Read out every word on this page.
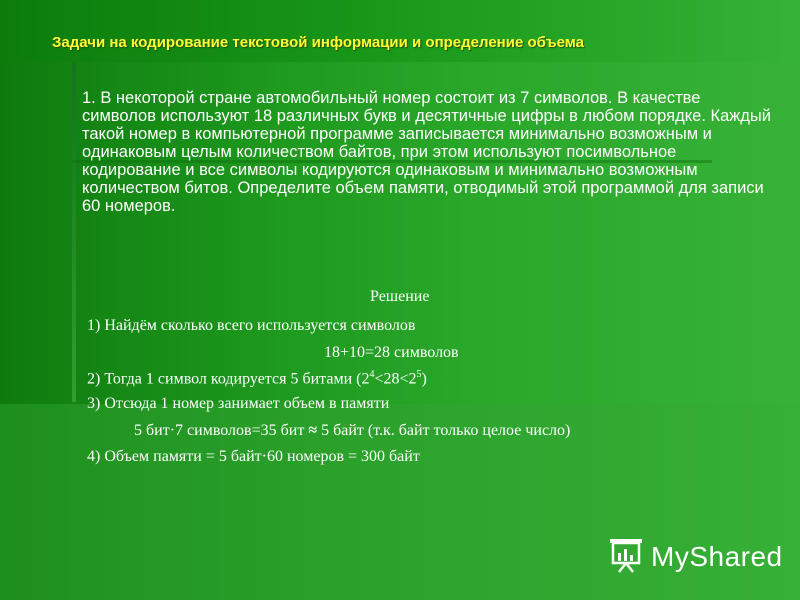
Задачи на кодирование текстовой информации и определение объема
1. В некоторой стране автомобильный номер состоит из 7 символов. В качестве символов используют 18 различных букв и десятичные цифры в любом порядке. Каждый такой номер в компьютерной программе записывается минимально возможным и одинаковым целым количеством байтов, при этом используют посимвольное кодирование и все символы кодируются одинаковым и минимально возможным количеством битов. Определите объем памяти, отводимый этой программой для записи 60 номеров.
Решение
1) Найдём сколько всего используется символов
18+10=28 символов
2) Тогда 1 символ кодируется 5 битами $(2^4<28<2^5)$
3) Отсюда 1 номер занимает объем в памяти
5 бит·7 символов=35 бит ≈ 5 байт (т.к. байт только целое число)
4) Объем памяти = 5 байт·60 номеров = 300 байт
MyShared
